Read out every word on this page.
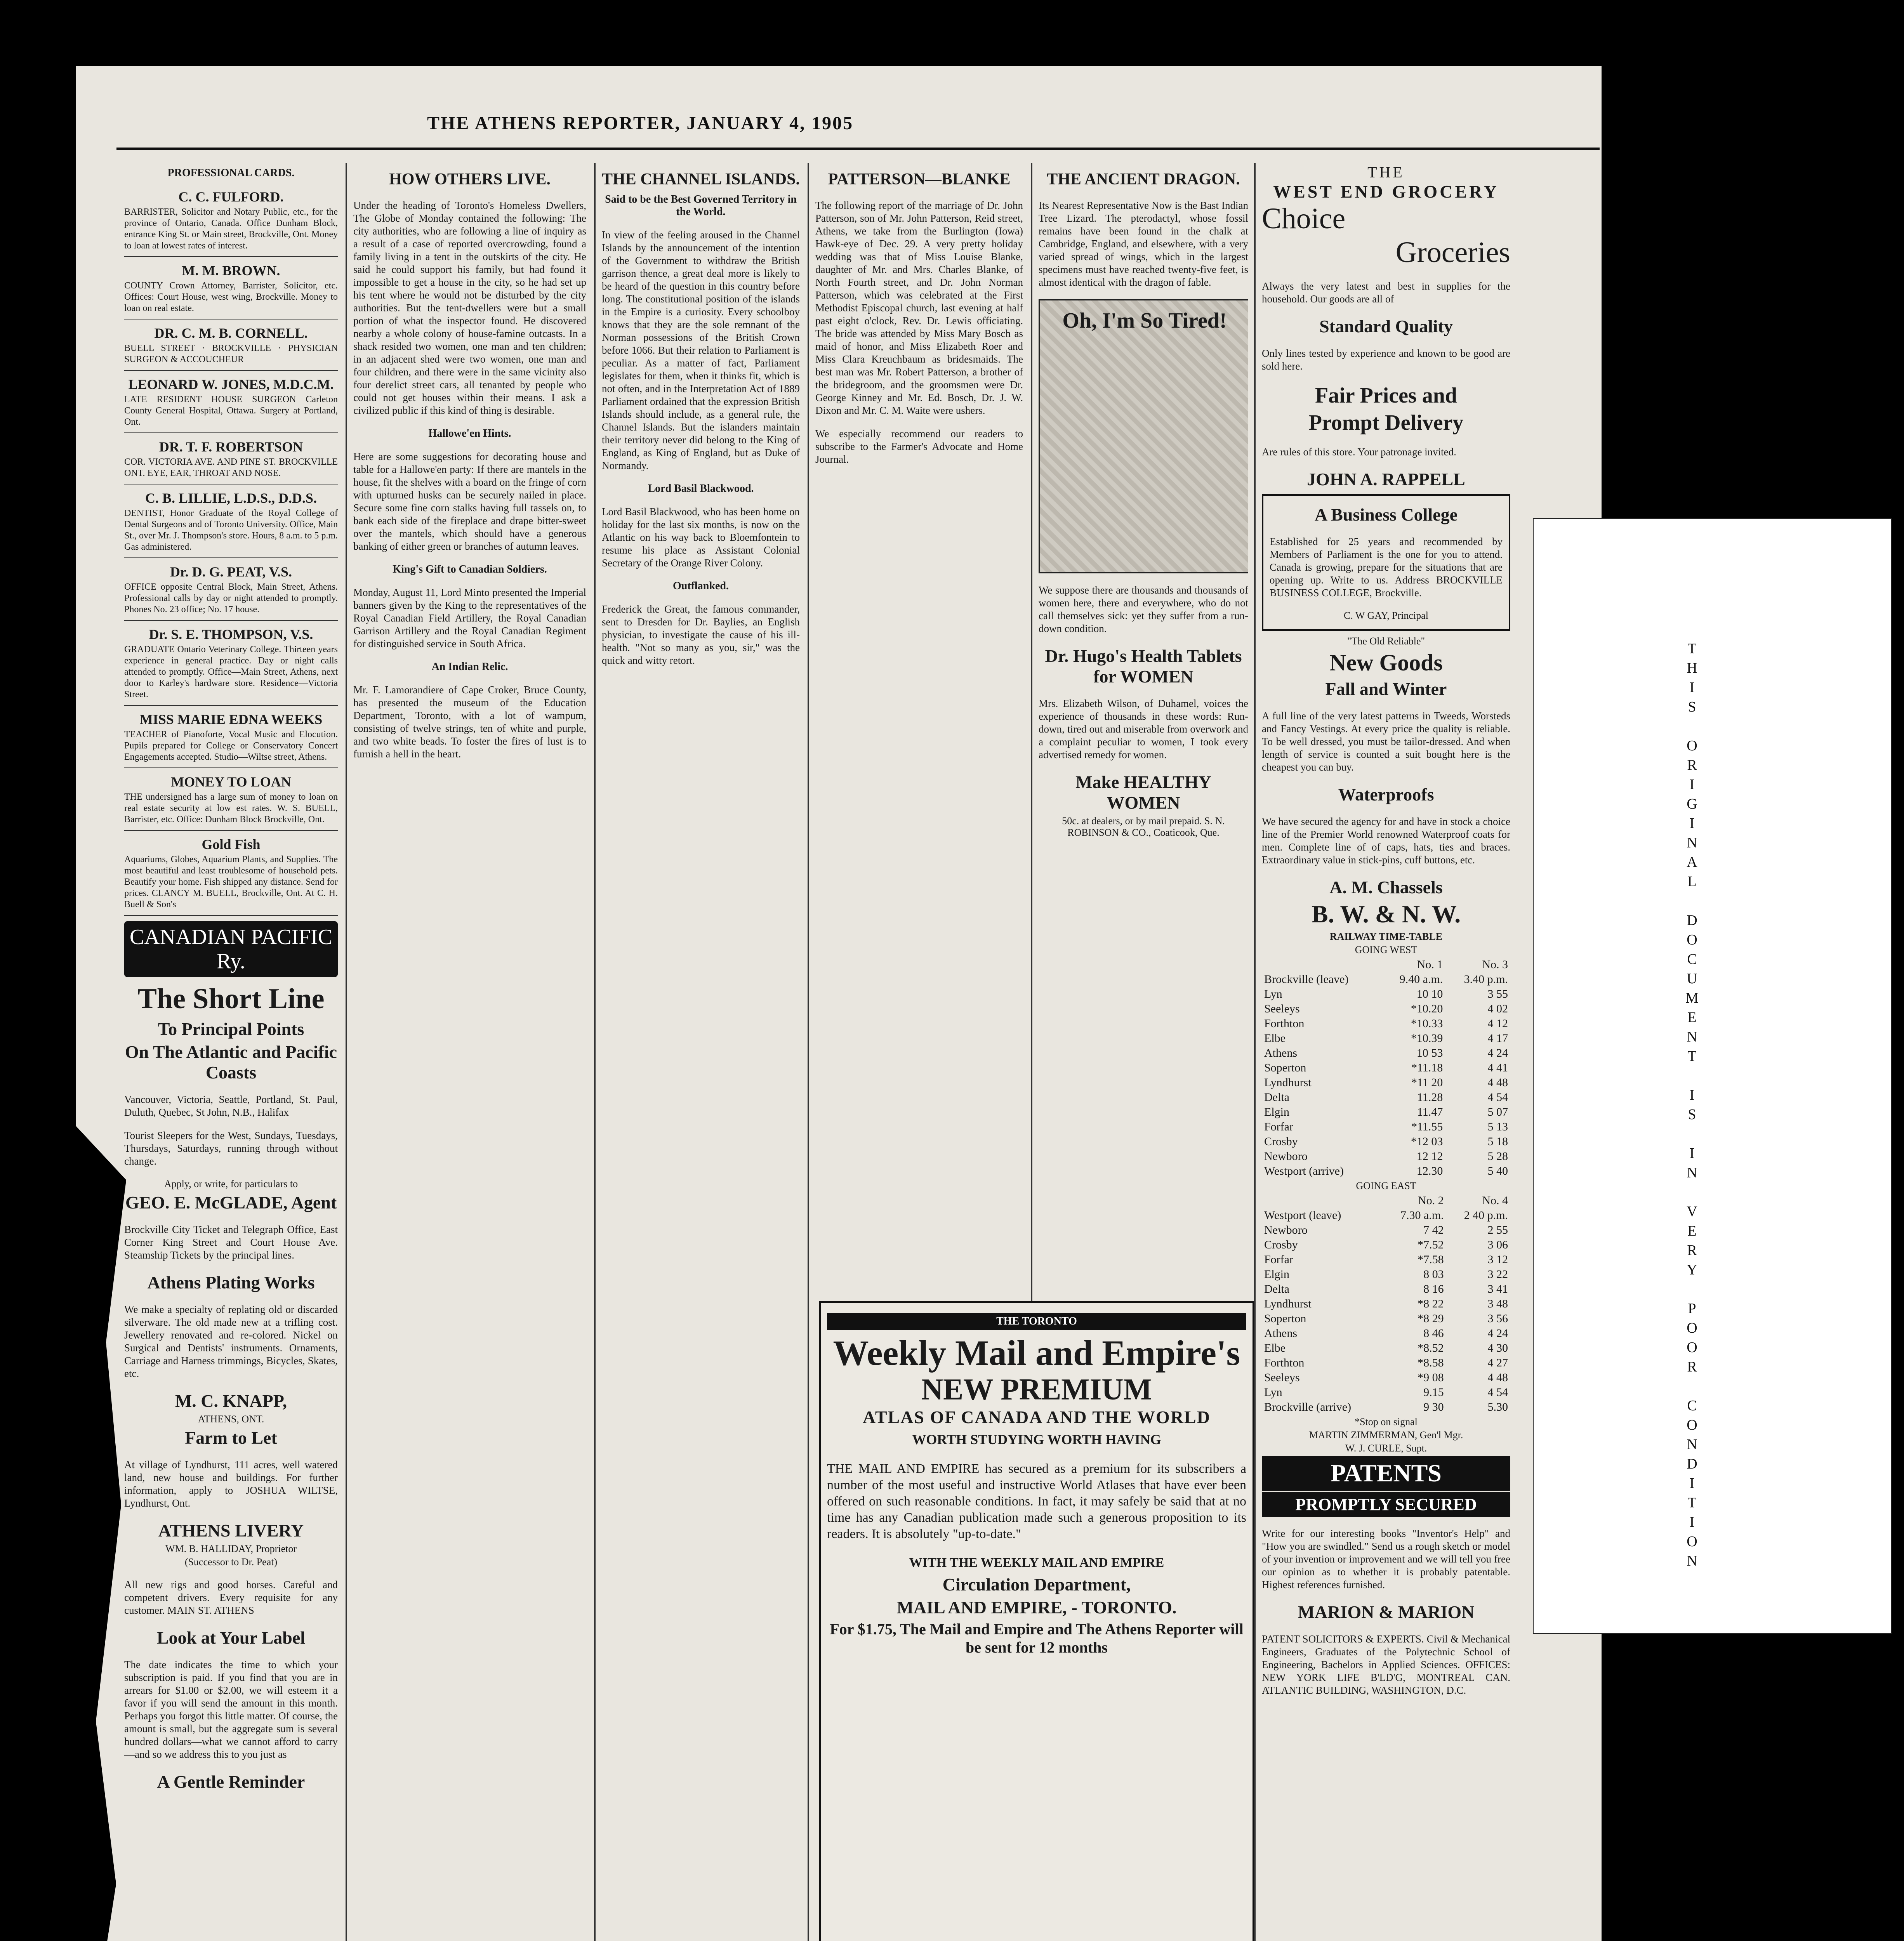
THIS ORIGINAL DOCUMENT IS IN VERY POOR CONDITION
THE ATHENS REPORTER, JANUARY 4, 1905
PROFESSIONAL CARDS.
C. C. FULFORD.

BARRISTER, Solicitor and Notary Public, etc., for the province of Ontario, Canada. Office Dunham Block, entrance King St. or Main street, Brockville, Ont. Money to loan at lowest rates of interest.

M. M. BROWN.

COUNTY Crown Attorney, Barrister, Solicitor, etc. Offices: Court House, west wing, Brockville. Money to loan on real estate.

DR. C. M. B. CORNELL.

BUELL STREET · BROCKVILLE · PHYSICIAN SURGEON & ACCOUCHEUR

LEONARD W. JONES, M.D.C.M.

LATE RESIDENT HOUSE SURGEON Carleton County General Hospital, Ottawa. Surgery at Portland, Ont.

DR. T. F. ROBERTSON

COR. VICTORIA AVE. AND PINE ST. BROCKVILLE ONT. EYE, EAR, THROAT AND NOSE.

C. B. LILLIE, L.D.S., D.D.S.

DENTIST, Honor Graduate of the Royal College of Dental Surgeons and of Toronto University. Office, Main St., over Mr. J. Thompson's store. Hours, 8 a.m. to 5 p.m. Gas administered.

Dr. D. G. PEAT, V.S.

OFFICE opposite Central Block, Main Street, Athens. Professional calls by day or night attended to promptly. Phones No. 23 office; No. 17 house.

Dr. S. E. THOMPSON, V.S.

GRADUATE Ontario Veterinary College. Thirteen years experience in general practice. Day or night calls attended to promptly. Office—Main Street, Athens, next door to Karley's hardware store. Residence—Victoria Street.

MISS MARIE EDNA WEEKS

TEACHER of Pianoforte, Vocal Music and Elocution. Pupils prepared for College or Conservatory Concert Engagements accepted. Studio—Wiltse street, Athens.

MONEY TO LOAN

THE undersigned has a large sum of money to loan on real estate security at low est rates. W. S. BUELL, Barrister, etc. Office: Dunham Block Brockville, Ont.

Gold Fish

Aquariums, Globes, Aquarium Plants, and Supplies. The most beautiful and least troublesome of household pets. Beautify your home. Fish shipped any distance. Send for prices. CLANCY M. BUELL, Brockville, Ont. At C. H. Buell & Son's

CANADIAN PACIFIC Ry.
The Short Line
To Principal Points
On The Atlantic and Pacific Coasts

Vancouver, Victoria, Seattle, Portland, St. Paul, Duluth, Quebec, St John, N.B., Halifax

Tourist Sleepers for the West, Sundays, Tuesdays, Thursdays, Saturdays, running through without change.

Apply, or write, for particulars to
GEO. E. McGLADE, Agent

Brockville City Ticket and Telegraph Office, East Corner King Street and Court House Ave. Steamship Tickets by the principal lines.

Athens Plating Works

We make a specialty of replating old or discarded silverware. The old made new at a trifling cost. Jewellery renovated and re-colored. Nickel on Surgical and Dentists' instruments. Ornaments, Carriage and Harness trimmings, Bicycles, Skates, etc.

M. C. KNAPP,
ATHENS, ONT.
Farm to Let

At village of Lyndhurst, 111 acres, well watered land, new house and buildings. For further information, apply to JOSHUA WILTSE, Lyndhurst, Ont.

ATHENS LIVERY
WM. B. HALLIDAY, Proprietor
(Successor to Dr. Peat)

All new rigs and good horses. Careful and competent drivers. Every requisite for any customer. MAIN ST. ATHENS

Look at Your Label

The date indicates the time to which your subscription is paid. If you find that you are in arrears for $1.00 or $2.00, we will esteem it a favor if you will send the amount in this month. Perhaps you forgot this little matter. Of course, the amount is small, but the aggregate sum is several hundred dollars—what we cannot afford to carry—and so we address this to you just as

A Gentle Reminder
HOW OTHERS LIVE.

Under the heading of Toronto's Homeless Dwellers, The Globe of Monday contained the following: The city authorities, who are following a line of inquiry as a result of a case of reported overcrowding, found a family living in a tent in the outskirts of the city. He said he could support his family, but had found it impossible to get a house in the city, so he had set up his tent where he would not be disturbed by the city authorities. But the tent-dwellers were but a small portion of what the inspector found. He discovered nearby a whole colony of house-famine outcasts. In a shack resided two women, one man and ten children; in an adjacent shed were two women, one man and four children, and there were in the same vicinity also four derelict street cars, all tenanted by people who could not get houses within their means. I ask a civilized public if this kind of thing is desirable.

Hallowe'en Hints.

Here are some suggestions for decorating house and table for a Hallowe'en party: If there are mantels in the house, fit the shelves with a board on the fringe of corn with upturned husks can be securely nailed in place. Secure some fine corn stalks having full tassels on, to bank each side of the fireplace and drape bitter-sweet over the mantels, which should have a generous banking of either green or branches of autumn leaves.

King's Gift to Canadian Soldiers.

Monday, August 11, Lord Minto presented the Imperial banners given by the King to the representatives of the Royal Canadian Field Artillery, the Royal Canadian Garrison Artillery and the Royal Canadian Regiment for distinguished service in South Africa.

An Indian Relic.

Mr. F. Lamorandiere of Cape Croker, Bruce County, has presented the museum of the Education Department, Toronto, with a lot of wampum, consisting of twelve strings, ten of white and purple, and two white beads. To foster the fires of lust is to furnish a hell in the heart.

THE CHANNEL ISLANDS.
Said to be the Best Governed Territory in the World.

In view of the feeling aroused in the Channel Islands by the announcement of the intention of the Government to withdraw the British garrison thence, a great deal more is likely to be heard of the question in this country before long. The constitutional position of the islands in the Empire is a curiosity. Every schoolboy knows that they are the sole remnant of the Norman possessions of the British Crown before 1066. But their relation to Parliament is peculiar. As a matter of fact, Parliament legislates for them, when it thinks fit, which is not often, and in the Interpretation Act of 1889 Parliament ordained that the expression British Islands should include, as a general rule, the Channel Islands. But the islanders maintain their territory never did belong to the King of England, as King of England, but as Duke of Normandy.

Lord Basil Blackwood.

Lord Basil Blackwood, who has been home on holiday for the last six months, is now on the Atlantic on his way back to Bloemfontein to resume his place as Assistant Colonial Secretary of the Orange River Colony.

Outflanked.

Frederick the Great, the famous commander, sent to Dresden for Dr. Baylies, an English physician, to investigate the cause of his ill-health. "Not so many as you, sir," was the quick and witty retort.

PATTERSON—BLANKE

The following report of the marriage of Dr. John Patterson, son of Mr. John Patterson, Reid street, Athens, we take from the Burlington (Iowa) Hawk-eye of Dec. 29. A very pretty holiday wedding was that of Miss Louise Blanke, daughter of Mr. and Mrs. Charles Blanke, of North Fourth street, and Dr. John Norman Patterson, which was celebrated at the First Methodist Episcopal church, last evening at half past eight o'clock, Rev. Dr. Lewis officiating. The bride was attended by Miss Mary Bosch as maid of honor, and Miss Elizabeth Roer and Miss Clara Kreuchbaum as bridesmaids. The best man was Mr. Robert Patterson, a brother of the bridegroom, and the groomsmen were Dr. George Kinney and Mr. Ed. Bosch, Dr. J. W. Dixon and Mr. C. M. Waite were ushers.

We especially recommend our readers to subscribe to the Farmer's Advocate and Home Journal.

THE ANCIENT DRAGON.

Its Nearest Representative Now is the Bast Indian Tree Lizard. The pterodactyl, whose fossil remains have been found in the chalk at Cambridge, England, and elsewhere, with a very varied spread of wings, which in the largest specimens must have reached twenty-five feet, is almost identical with the dragon of fable.

Oh, I'm So Tired!

We suppose there are thousands and thousands of women here, there and everywhere, who do not call themselves sick: yet they suffer from a run-down condition.

Dr. Hugo's Health Tablets for WOMEN

Mrs. Elizabeth Wilson, of Duhamel, voices the experience of thousands in these words: Run-down, tired out and miserable from overwork and a complaint peculiar to women, I took every advertised remedy for women.

Make HEALTHY WOMEN
50c. at dealers, or by mail prepaid. S. N. ROBINSON & CO., Coaticook, Que.
THE TORONTO
Weekly Mail and Empire's
NEW PREMIUM
ATLAS OF CANADA AND THE WORLD
WORTH STUDYING WORTH HAVING

THE MAIL AND EMPIRE has secured as a premium for its subscribers a number of the most useful and instructive World Atlases that have ever been offered on such reasonable conditions. In fact, it may safely be said that at no time has any Canadian publication made such a generous proposition to its readers. It is absolutely "up-to-date."

WITH THE WEEKLY MAIL AND EMPIRE
Circulation Department,
MAIL AND EMPIRE, - TORONTO.
For $1.75, The Mail and Empire and The Athens Reporter will be sent for 12 months
THE
WEST END GROCERY
Choice
Groceries

Always the very latest and best in supplies for the household. Our goods are all of

Standard Quality

Only lines tested by experience and known to be good are sold here.

Fair Prices and
Prompt Delivery

Are rules of this store. Your patronage invited.

JOHN A. RAPPELL
A Business College

Established for 25 years and recommended by Members of Parliament is the one for you to attend. Canada is growing, prepare for the situations that are opening up. Write to us. Address BROCKVILLE BUSINESS COLLEGE, Brockville.

C. W GAY, Principal
"The Old Reliable"
New Goods
Fall and Winter

A full line of the very latest patterns in Tweeds, Worsteds and Fancy Vestings. At every price the quality is reliable. To be well dressed, you must be tailor-dressed. And when length of service is counted a suit bought here is the cheapest you can buy.

Waterproofs

We have secured the agency for and have in stock a choice line of the Premier World renowned Waterproof coats for men. Complete line of of caps, hats, ties and braces. Extraordinary value in stick-pins, cuff buttons, etc.

A. M. Chassels
B. W. & N. W.
RAILWAY TIME-TABLE
GOING WEST
	No. 1	No. 3
Brockville (leave)	9.40 a.m.	3.40 p.m.
Lyn	10 10	3 55
Seeleys	*10.20	4 02
Forthton	*10.33	4 12
Elbe	*10.39	4 17
Athens	10 53	4 24
Soperton	*11.18	4 41
Lyndhurst	*11 20	4 48
Delta	11.28	4 54
Elgin	11.47	5 07
Forfar	*11.55	5 13
Crosby	*12 03	5 18
Newboro	12 12	5 28
Westport (arrive)	12.30	5 40
GOING EAST
	No. 2	No. 4
Westport (leave)	7.30 a.m.	2 40 p.m.
Newboro	7 42	2 55
Crosby	*7.52	3 06
Forfar	*7.58	3 12
Elgin	8 03	3 22
Delta	8 16	3 41
Lyndhurst	*8 22	3 48
Soperton	*8 29	3 56
Athens	8 46	4 24
Elbe	*8.52	4 30
Forthton	*8.58	4 27
Seeleys	*9 08	4 48
Lyn	9.15	4 54
Brockville (arrive)	9 30	5.30
*Stop on signal
MARTIN ZIMMERMAN, Gen'l Mgr.
W. J. CURLE, Supt.
PATENTS
PROMPTLY SECURED

Write for our interesting books "Inventor's Help" and "How you are swindled." Send us a rough sketch or model of your invention or improvement and we will tell you free our opinion as to whether it is probably patentable. Highest references furnished.

MARION & MARION

PATENT SOLICITORS & EXPERTS. Civil & Mechanical Engineers, Graduates of the Polytechnic School of Engineering, Bachelors in Applied Sciences. OFFICES: NEW YORK LIFE B'LD'G, MONTREAL CAN. ATLANTIC BUILDING, WASHINGTON, D.C.
